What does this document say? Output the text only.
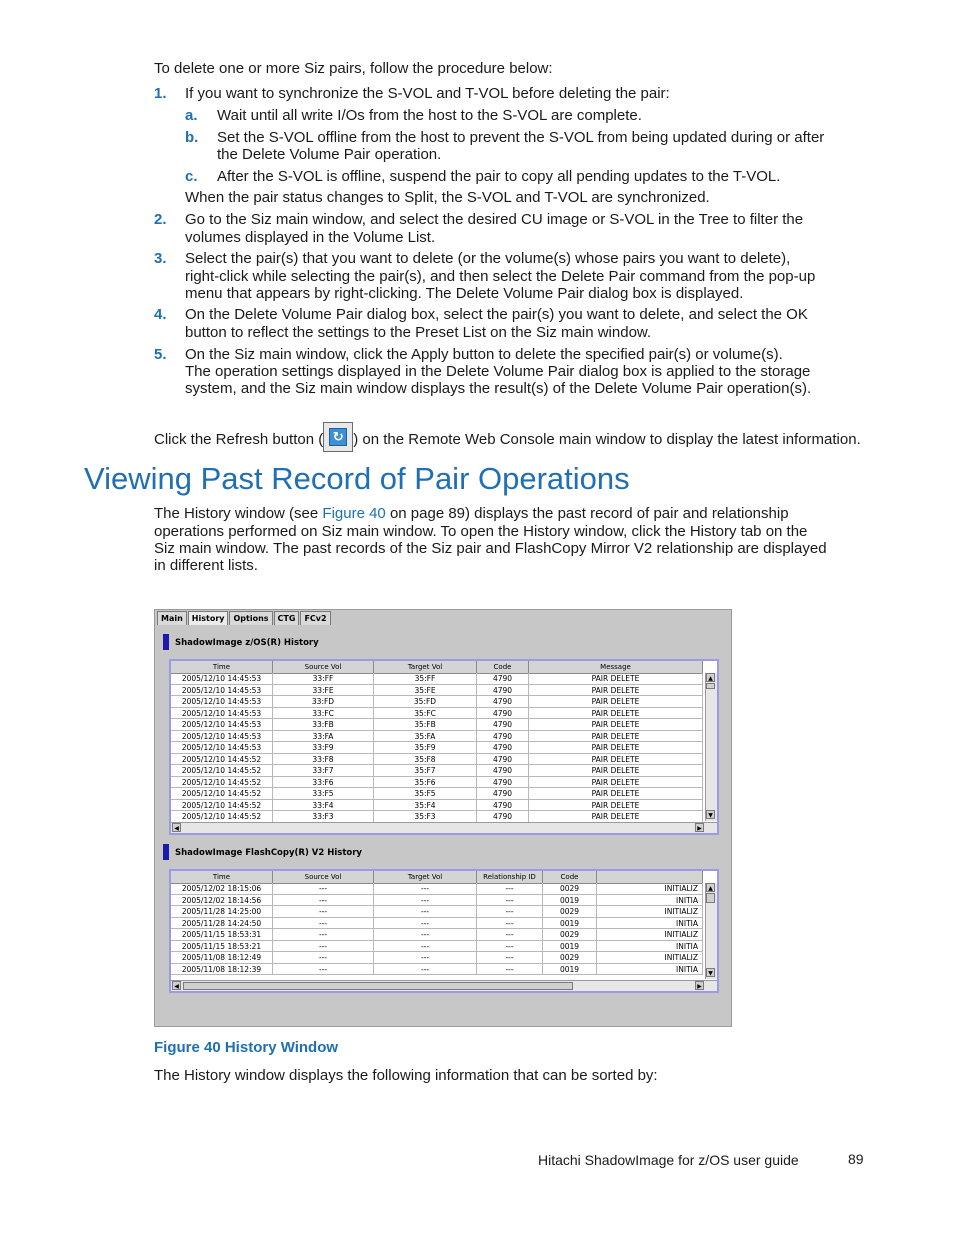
To delete one or more Siz pairs, follow the procedure below:
1. If you want to synchronize the S-VOL and T-VOL before deleting the pair:
a. Wait until all write I/Os from the host to the S-VOL are complete.
b. Set the S-VOL offline from the host to prevent the S-VOL from being updated during or after
the Delete Volume Pair operation.
c. After the S-VOL is offline, suspend the pair to copy all pending updates to the T-VOL.
When the pair status changes to Split, the S-VOL and T-VOL are synchronized.
2. Go to the Siz main window, and select the desired CU image or S-VOL in the Tree to filter the
volumes displayed in the Volume List.
3. Select the pair(s) that you want to delete (or the volume(s) whose pairs you want to delete),
right-click while selecting the pair(s), and then select the Delete Pair command from the pop-up
menu that appears by right-clicking. The Delete Volume Pair dialog box is displayed.
4. On the Delete Volume Pair dialog box, select the pair(s) you want to delete, and select the OK
button to reflect the settings to the Preset List on the Siz main window.
5. On the Siz main window, click the Apply button to delete the specified pair(s) or volume(s).
The operation settings displayed in the Delete Volume Pair dialog box is applied to the storage
system, and the Siz main window displays the result(s) of the Delete Volume Pair operation(s).
Click the Refresh button ( ↻ ) on the Remote Web Console main window to display the latest information.
Viewing Past Record of Pair Operations
The History window (see Figure 40 on page 89) displays the past record of pair and relationship
operations performed on Siz main window. To open the History window, click the History tab on the
Siz main window. The past records of the Siz pair and FlashCopy Mirror V2 relationship are displayed
in different lists.
Main	History	Options	CTG	FCv2
ShadowImage z/OS(R) History
Time	Source Vol	Target Vol	Code	Message
2005/12/10 14:45:53	33:FF	35:FF	4790	PAIR DELETE
2005/12/10 14:45:53	33:FE	35:FE	4790	PAIR DELETE
2005/12/10 14:45:53	33:FD	35:FD	4790	PAIR DELETE
2005/12/10 14:45:53	33:FC	35:FC	4790	PAIR DELETE
2005/12/10 14:45:53	33:FB	35:FB	4790	PAIR DELETE
2005/12/10 14:45:53	33:FA	35:FA	4790	PAIR DELETE
2005/12/10 14:45:53	33:F9	35:F9	4790	PAIR DELETE
2005/12/10 14:45:52	33:F8	35:F8	4790	PAIR DELETE
2005/12/10 14:45:52	33:F7	35:F7	4790	PAIR DELETE
2005/12/10 14:45:52	33:F6	35:F6	4790	PAIR DELETE
2005/12/10 14:45:52	33:F5	35:F5	4790	PAIR DELETE
2005/12/10 14:45:52	33:F4	35:F4	4790	PAIR DELETE
2005/12/10 14:45:52	33:F3	35:F3	4790	PAIR DELETE
▲
▼
◀	▶
ShadowImage FlashCopy(R) V2 History
Time	Source Vol	Target Vol	Relationship ID	Code
2005/12/02 18:15:06	---	---	---	0029	INITIALIZ
2005/12/02 18:14:56	---	---	---	0019	INITIA
2005/11/28 14:25:00	---	---	---	0029	INITIALIZ
2005/11/28 14:24:50	---	---	---	0019	INITIA
2005/11/15 18:53:31	---	---	---	0029	INITIALIZ
2005/11/15 18:53:21	---	---	---	0019	INITIA
2005/11/08 18:12:49	---	---	---	0029	INITIALIZ
2005/11/08 18:12:39	---	---	---	0019	INITIA
▲
▼
◀	▶
Figure 40 History Window
The History window displays the following information that can be sorted by:
Hitachi ShadowImage for z/OS user guide	89
